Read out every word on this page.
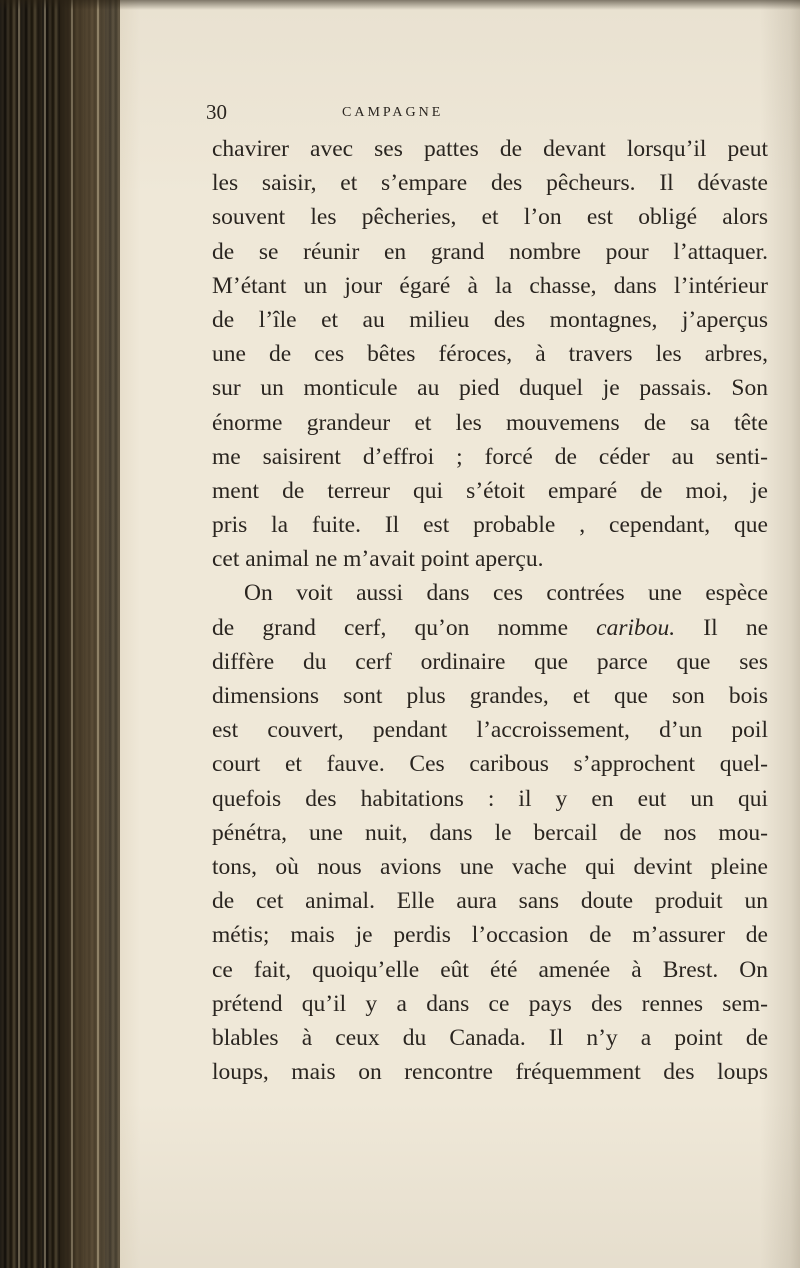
30	CAMPAGNE
chavirer avec ses pattes de devant lorsqu’il peut
les saisir, et s’empare des pêcheurs. Il dévaste
souvent les pêcheries, et l’on est obligé alors
de se réunir en grand nombre pour l’attaquer.
M’étant un jour égaré à la chasse, dans l’intérieur
de l’île et au milieu des montagnes, j’aperçus
une de ces bêtes féroces, à travers les arbres,
sur un monticule au pied duquel je passais. Son
énorme grandeur et les mouvemens de sa tête
me saisirent d’effroi ; forcé de céder au senti-
ment de terreur qui s’étoit emparé de moi, je
pris la fuite. Il est probable , cependant, que
cet animal ne m’avait point aperçu.
On voit aussi dans ces contrées une espèce
de grand cerf, qu’on nomme caribou. Il ne
diffère du cerf ordinaire que parce que ses
dimensions sont plus grandes, et que son bois
est couvert, pendant l’accroissement, d’un poil
court et fauve. Ces caribous s’approchent quel-
quefois des habitations : il y en eut un qui
pénétra, une nuit, dans le bercail de nos mou-
tons, où nous avions une vache qui devint pleine
de cet animal. Elle aura sans doute produit un
métis; mais je perdis l’occasion de m’assurer de
ce fait, quoiqu’elle eût été amenée à Brest. On
prétend qu’il y a dans ce pays des rennes sem-
blables à ceux du Canada. Il n’y a point de
loups, mais on rencontre fréquemment des loups
